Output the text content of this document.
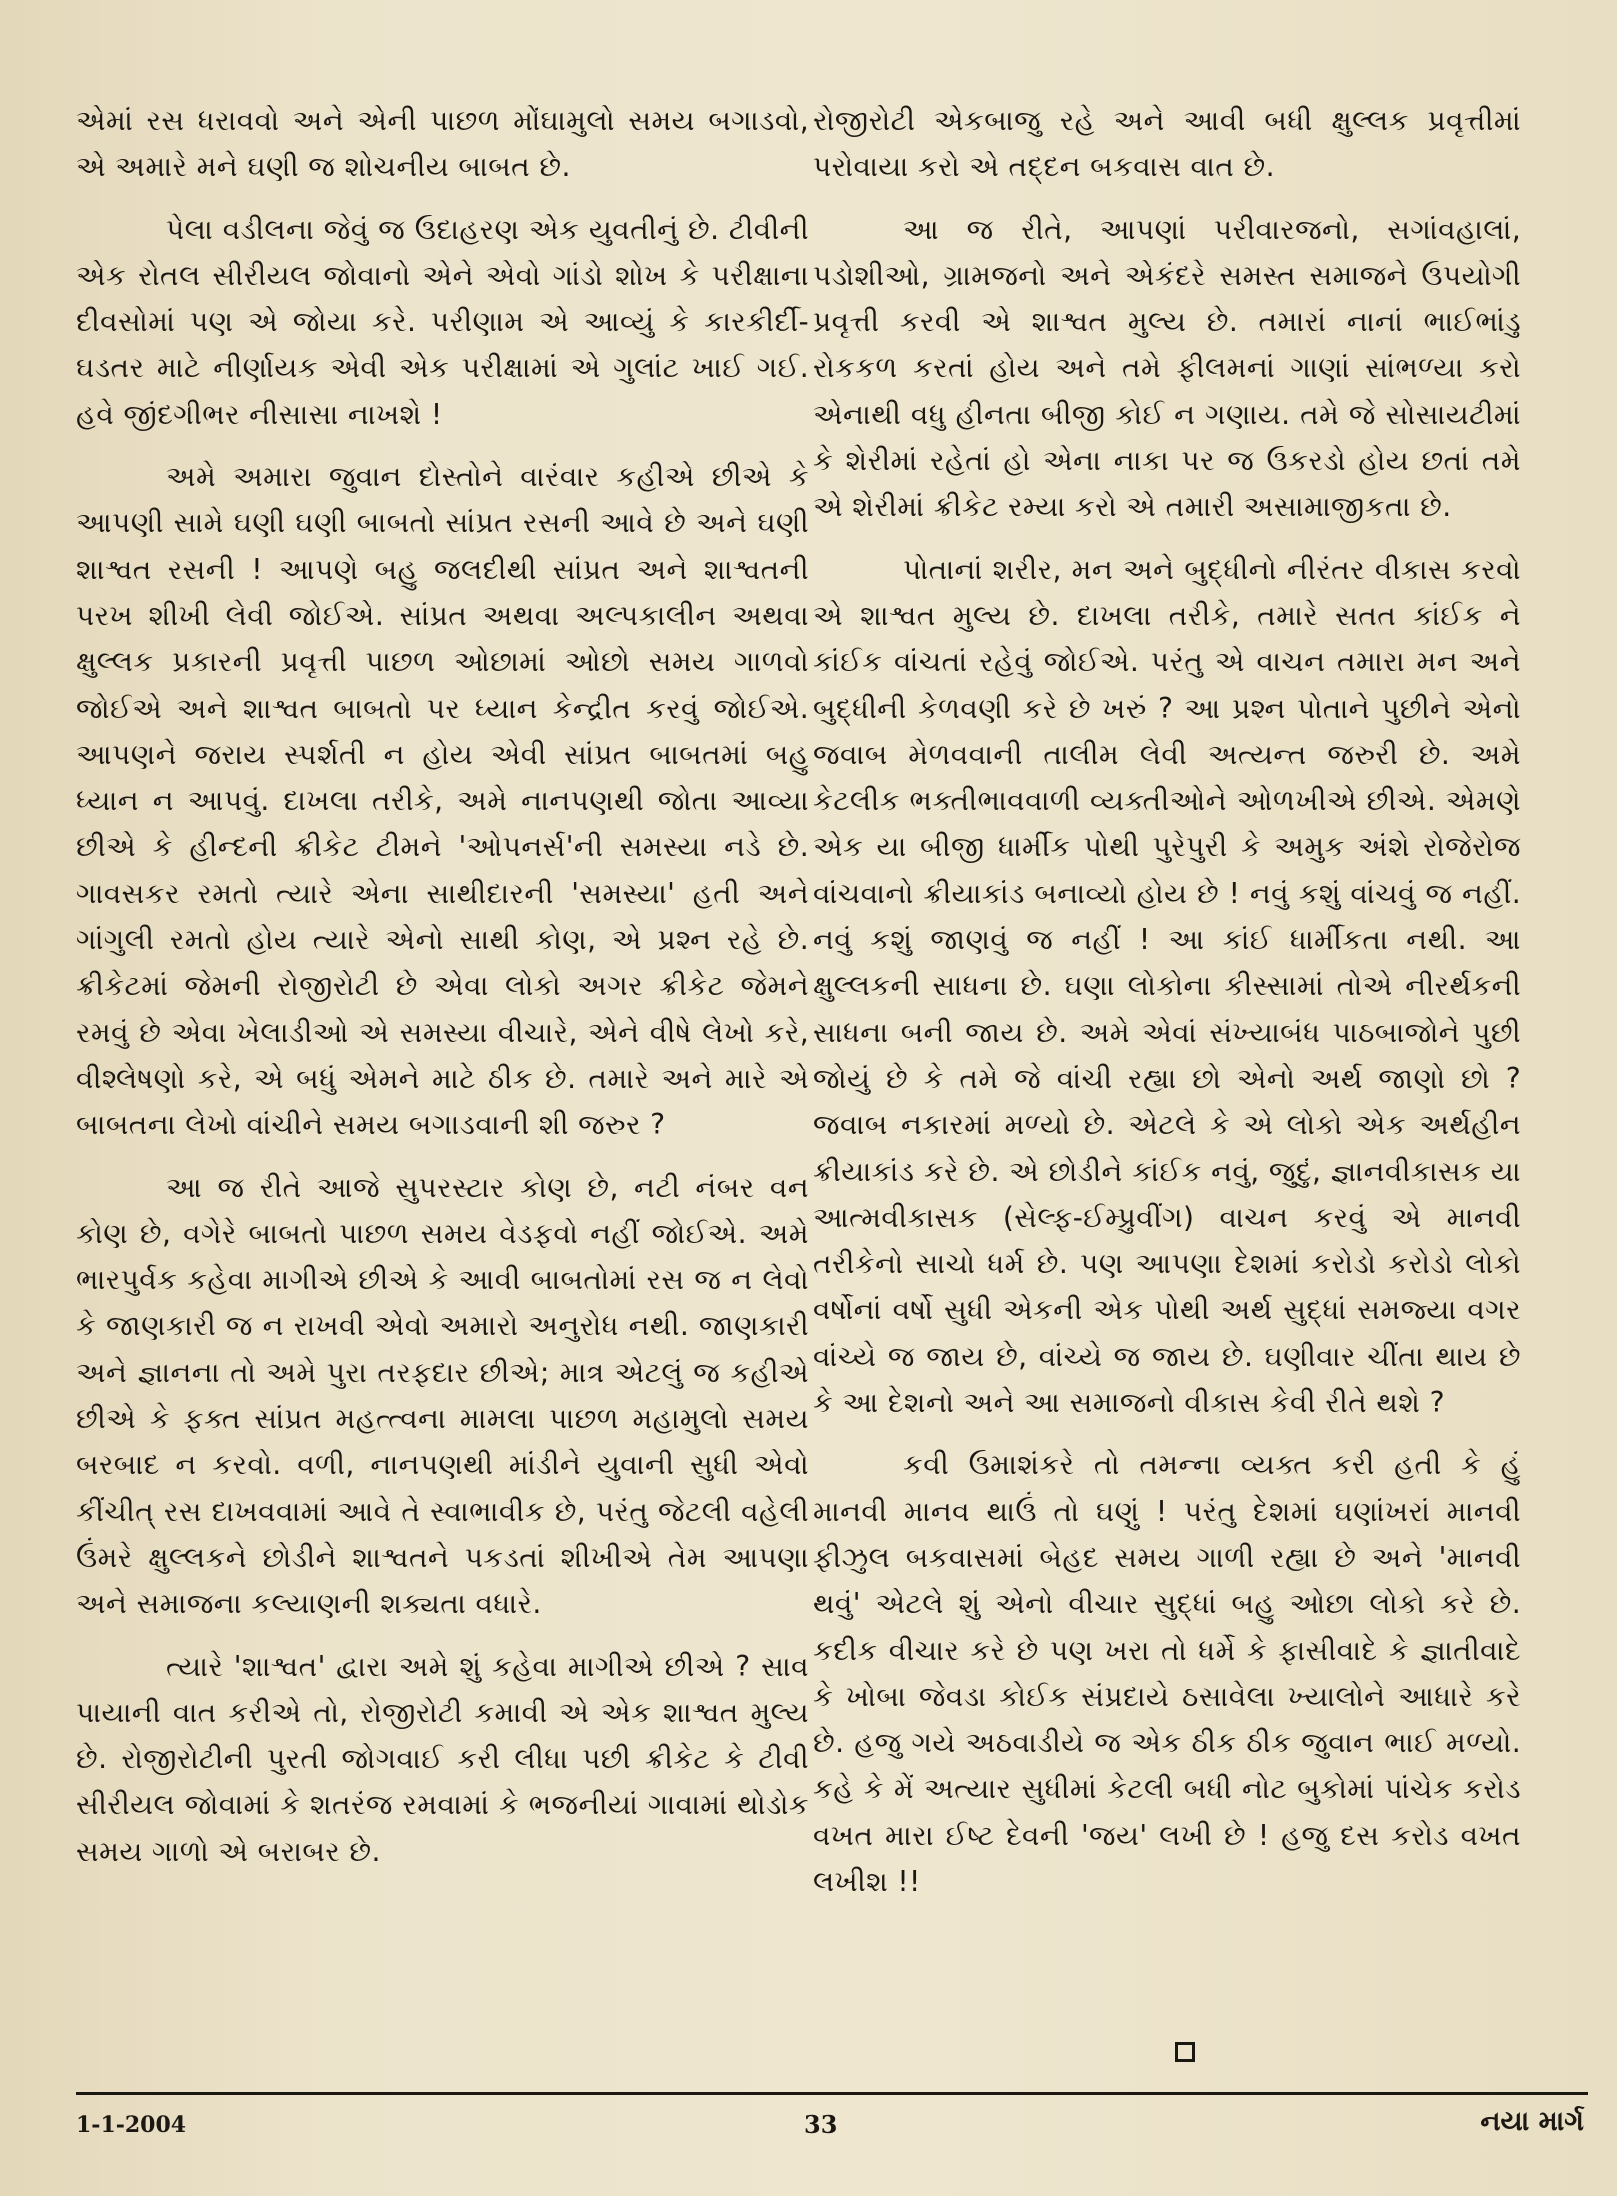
એમાં રસ ધરાવવો અને એની પાછળ મોંઘામુલો સમય બગાડવો, એ અમારે મને ઘણી જ શોચનીય બાબત છે.

પેલા વડીલના જેવું જ ઉદાહરણ એક યુવતીનું છે. ટીવીની એક રોતલ સીરીયલ જોવાનો એને એવો ગાંડો શોખ કે પરીક્ષાના દીવસોમાં પણ એ જોયા કરે. પરીણામ એ આવ્યું કે કારકીર્દી-ઘડતર માટે નીર્ણાયક એવી એક પરીક્ષામાં એ ગુલાંટ ખાઈ ગઈ. હવે જીંદગીભર નીસાસા નાખશે !

અમે અમારા જુવાન દોસ્તોને વારંવાર કહીએ છીએ કે આપણી સામે ઘણી ઘણી બાબતો સાંપ્રત રસની આવે છે અને ઘણી શાશ્વત રસની ! આપણે બહુ જલદીથી સાંપ્રત અને શાશ્વતની પરખ શીખી લેવી જોઈએ. સાંપ્રત અથવા અલ્પકાલીન અથવા ક્ષુલ્લક પ્રકારની પ્રવૃત્તી પાછળ ઓછામાં ઓછો સમય ગાળવો જોઈએ અને શાશ્વત બાબતો પર ધ્યાન કેન્દ્રીત કરવું જોઈએ. આપણને જરાય સ્પર્શતી ન હોય એવી સાંપ્રત બાબતમાં બહુ ધ્યાન ન આપવું. દાખલા તરીકે, અમે નાનપણથી જોતા આવ્યા છીએ કે હીન્દની ક્રીકેટ ટીમને 'ઓપનર્સ'ની સમસ્યા નડે છે. ગાવસકર રમતો ત્યારે એના સાથીદારની 'સમસ્યા' હતી અને ગાંગુલી રમતો હોય ત્યારે એનો સાથી કોણ, એ પ્રશ્ન રહે છે. ક્રીકેટમાં જેમની રોજીરોટી છે એવા લોકો અગર ક્રીકેટ જેમને રમવું છે એવા ખેલાડીઓ એ સમસ્યા વીચારે, એને વીષે લેખો કરે, વીશ્લેષણો કરે, એ બધું એમને માટે ઠીક છે. તમારે અને મારે એ બાબતના લેખો વાંચીને સમય બગાડવાની શી જરુર ?

આ જ રીતે આજે સુપરસ્ટાર કોણ છે, નટી નંબર વન કોણ છે, વગેરે બાબતો પાછળ સમય વેડફવો નહીં જોઈએ. અમે ભારપુર્વક કહેવા માગીએ છીએ કે આવી બાબતોમાં રસ જ ન લેવો કે જાણકારી જ ન રાખવી એવો અમારો અનુરોધ નથી. જાણકારી અને જ્ઞાનના તો અમે પુરા તરફદાર છીએ; માત્ર એટલું જ કહીએ છીએ કે ફક્ત સાંપ્રત મહત્ત્વના મામલા પાછળ મહામુલો સમય બરબાદ ન કરવો. વળી, નાનપણથી માંડીને યુવાની સુધી એવો કીંચીત્ રસ દાખવવામાં આવે તે સ્વાભાવીક છે, પરંતુ જેટલી વહેલી ઉંમરે ક્ષુલ્લકને છોડીને શાશ્વતને પકડતાં શીખીએ તેમ આપણા અને સમાજના કલ્યાણની શક્યતા વધારે.

ત્યારે 'શાશ્વત' દ્વારા અમે શું કહેવા માગીએ છીએ ? સાવ પાયાની વાત કરીએ તો, રોજીરોટી કમાવી એ એક શાશ્વત મુલ્ય છે. રોજીરોટીની પુરતી જોગવાઈ કરી લીધા પછી ક્રીકેટ કે ટીવી સીરીયલ જોવામાં કે શતરંજ રમવામાં કે ભજનીયાં ગાવામાં થોડોક સમય ગાળો એ બરાબર છે.

રોજીરોટી એકબાજુ રહે અને આવી બધી ક્ષુલ્લક પ્રવૃત્તીમાં પરોવાયા કરો એ તદ્દન બકવાસ વાત છે.

આ જ રીતે, આપણાં પરીવારજનો, સગાંવહાલાં, પડોશીઓ, ગ્રામજનો અને એકંદરે સમસ્ત સમાજને ઉપયોગી પ્રવૃત્તી કરવી એ શાશ્વત મુલ્ય છે. તમારાં નાનાં ભાઈભાંડુ રોકકળ કરતાં હોય અને તમે ફીલમનાં ગાણાં સાંભળ્યા કરો એનાથી વધુ હીનતા બીજી કોઈ ન ગણાય. તમે જે સોસાયટીમાં કે શેરીમાં રહેતાં હો એના નાકા પર જ ઉકરડો હોય છતાં તમે એ શેરીમાં ક્રીકેટ રમ્યા કરો એ તમારી અસામાજીકતા છે.

પોતાનાં શરીર, મન અને બુદ્ધીનો નીરંતર વીકાસ કરવો એ શાશ્વત મુલ્ય છે. દાખલા તરીકે, તમારે સતત કાંઈક ને કાંઈક વાંચતાં રહેવું જોઈએ. પરંતુ એ વાચન તમારા મન અને બુદ્ધીની કેળવણી કરે છે ખરું ? આ પ્રશ્ન પોતાને પુછીને એનો જવાબ મેળવવાની તાલીમ લેવી અત્યન્ત જરુરી છે. અમે કેટલીક ભક્તીભાવવાળી વ્યક્તીઓને ઓળખીએ છીએ. એમણે એક યા બીજી ધાર્મીક પોથી પુરેપુરી કે અમુક અંશે રોજેરોજ વાંચવાનો ક્રીયાકાંડ બનાવ્યો હોય છે ! નવું કશું વાંચવું જ નહીં. નવું કશું જાણવું જ નહીં ! આ કાંઈ ધાર્મીકતા નથી. આ ક્ષુલ્લકની સાધના છે. ઘણા લોકોના કીસ્સામાં તોએ નીરર્થકની સાધના બની જાય છે. અમે એવાં સંખ્યાબંધ પાઠબાજોને પુછી જોયું છે કે તમે જે વાંચી રહ્યા છો એનો અર્થ જાણો છો ? જવાબ નકારમાં મળ્યો છે. એટલે કે એ લોકો એક અર્થહીન ક્રીયાકાંડ કરે છે. એ છોડીને કાંઈક નવું, જુદું, જ્ઞાનવીકાસક યા આત્મવીકાસક (સેલ્ફ-ઈમ્પ્રુવીંગ) વાચન કરવું એ માનવી તરીકેનો સાચો ધર્મ છે. પણ આપણા દેશમાં કરોડો કરોડો લોકો વર્ષોનાં વર્ષો સુધી એકની એક પોથી અર્થ સુદ્ધાં સમજ્યા વગર વાંચ્યે જ જાય છે, વાંચ્યે જ જાય છે. ઘણીવાર ચીંતા થાય છે કે આ દેશનો અને આ સમાજનો વીકાસ કેવી રીતે થશે ?

કવી ઉમાશંકરે તો તમન્ના વ્યક્ત કરી હતી કે હું માનવી માનવ થાઉં તો ઘણું ! પરંતુ દેશમાં ઘણાંખરાં માનવી ફીઝુલ બકવાસમાં બેહદ સમય ગાળી રહ્યા છે અને 'માનવી થવું' એટલે શું એનો વીચાર સુદ્ધાં બહુ ઓછા લોકો કરે છે. કદીક વીચાર કરે છે પણ ખરા તો ધર્મે કે ફાસીવાદે કે જ્ઞાતીવાદે કે ખોબા જેવડા કોઈક સંપ્રદાયે ઠસાવેલા ખ્યાલોને આધારે કરે છે. હજુ ગયે અઠવાડીયે જ એક ઠીક ઠીક જુવાન ભાઈ મળ્યો. કહે કે મેં અત્યાર સુધીમાં કેટલી બધી નોટ બુકોમાં પાંચેક કરોડ વખત મારા ઈષ્ટ દેવની 'જય' લખી છે ! હજુ દસ કરોડ વખત લખીશ !!

1-1-2004	33	નયા માર્ગ
